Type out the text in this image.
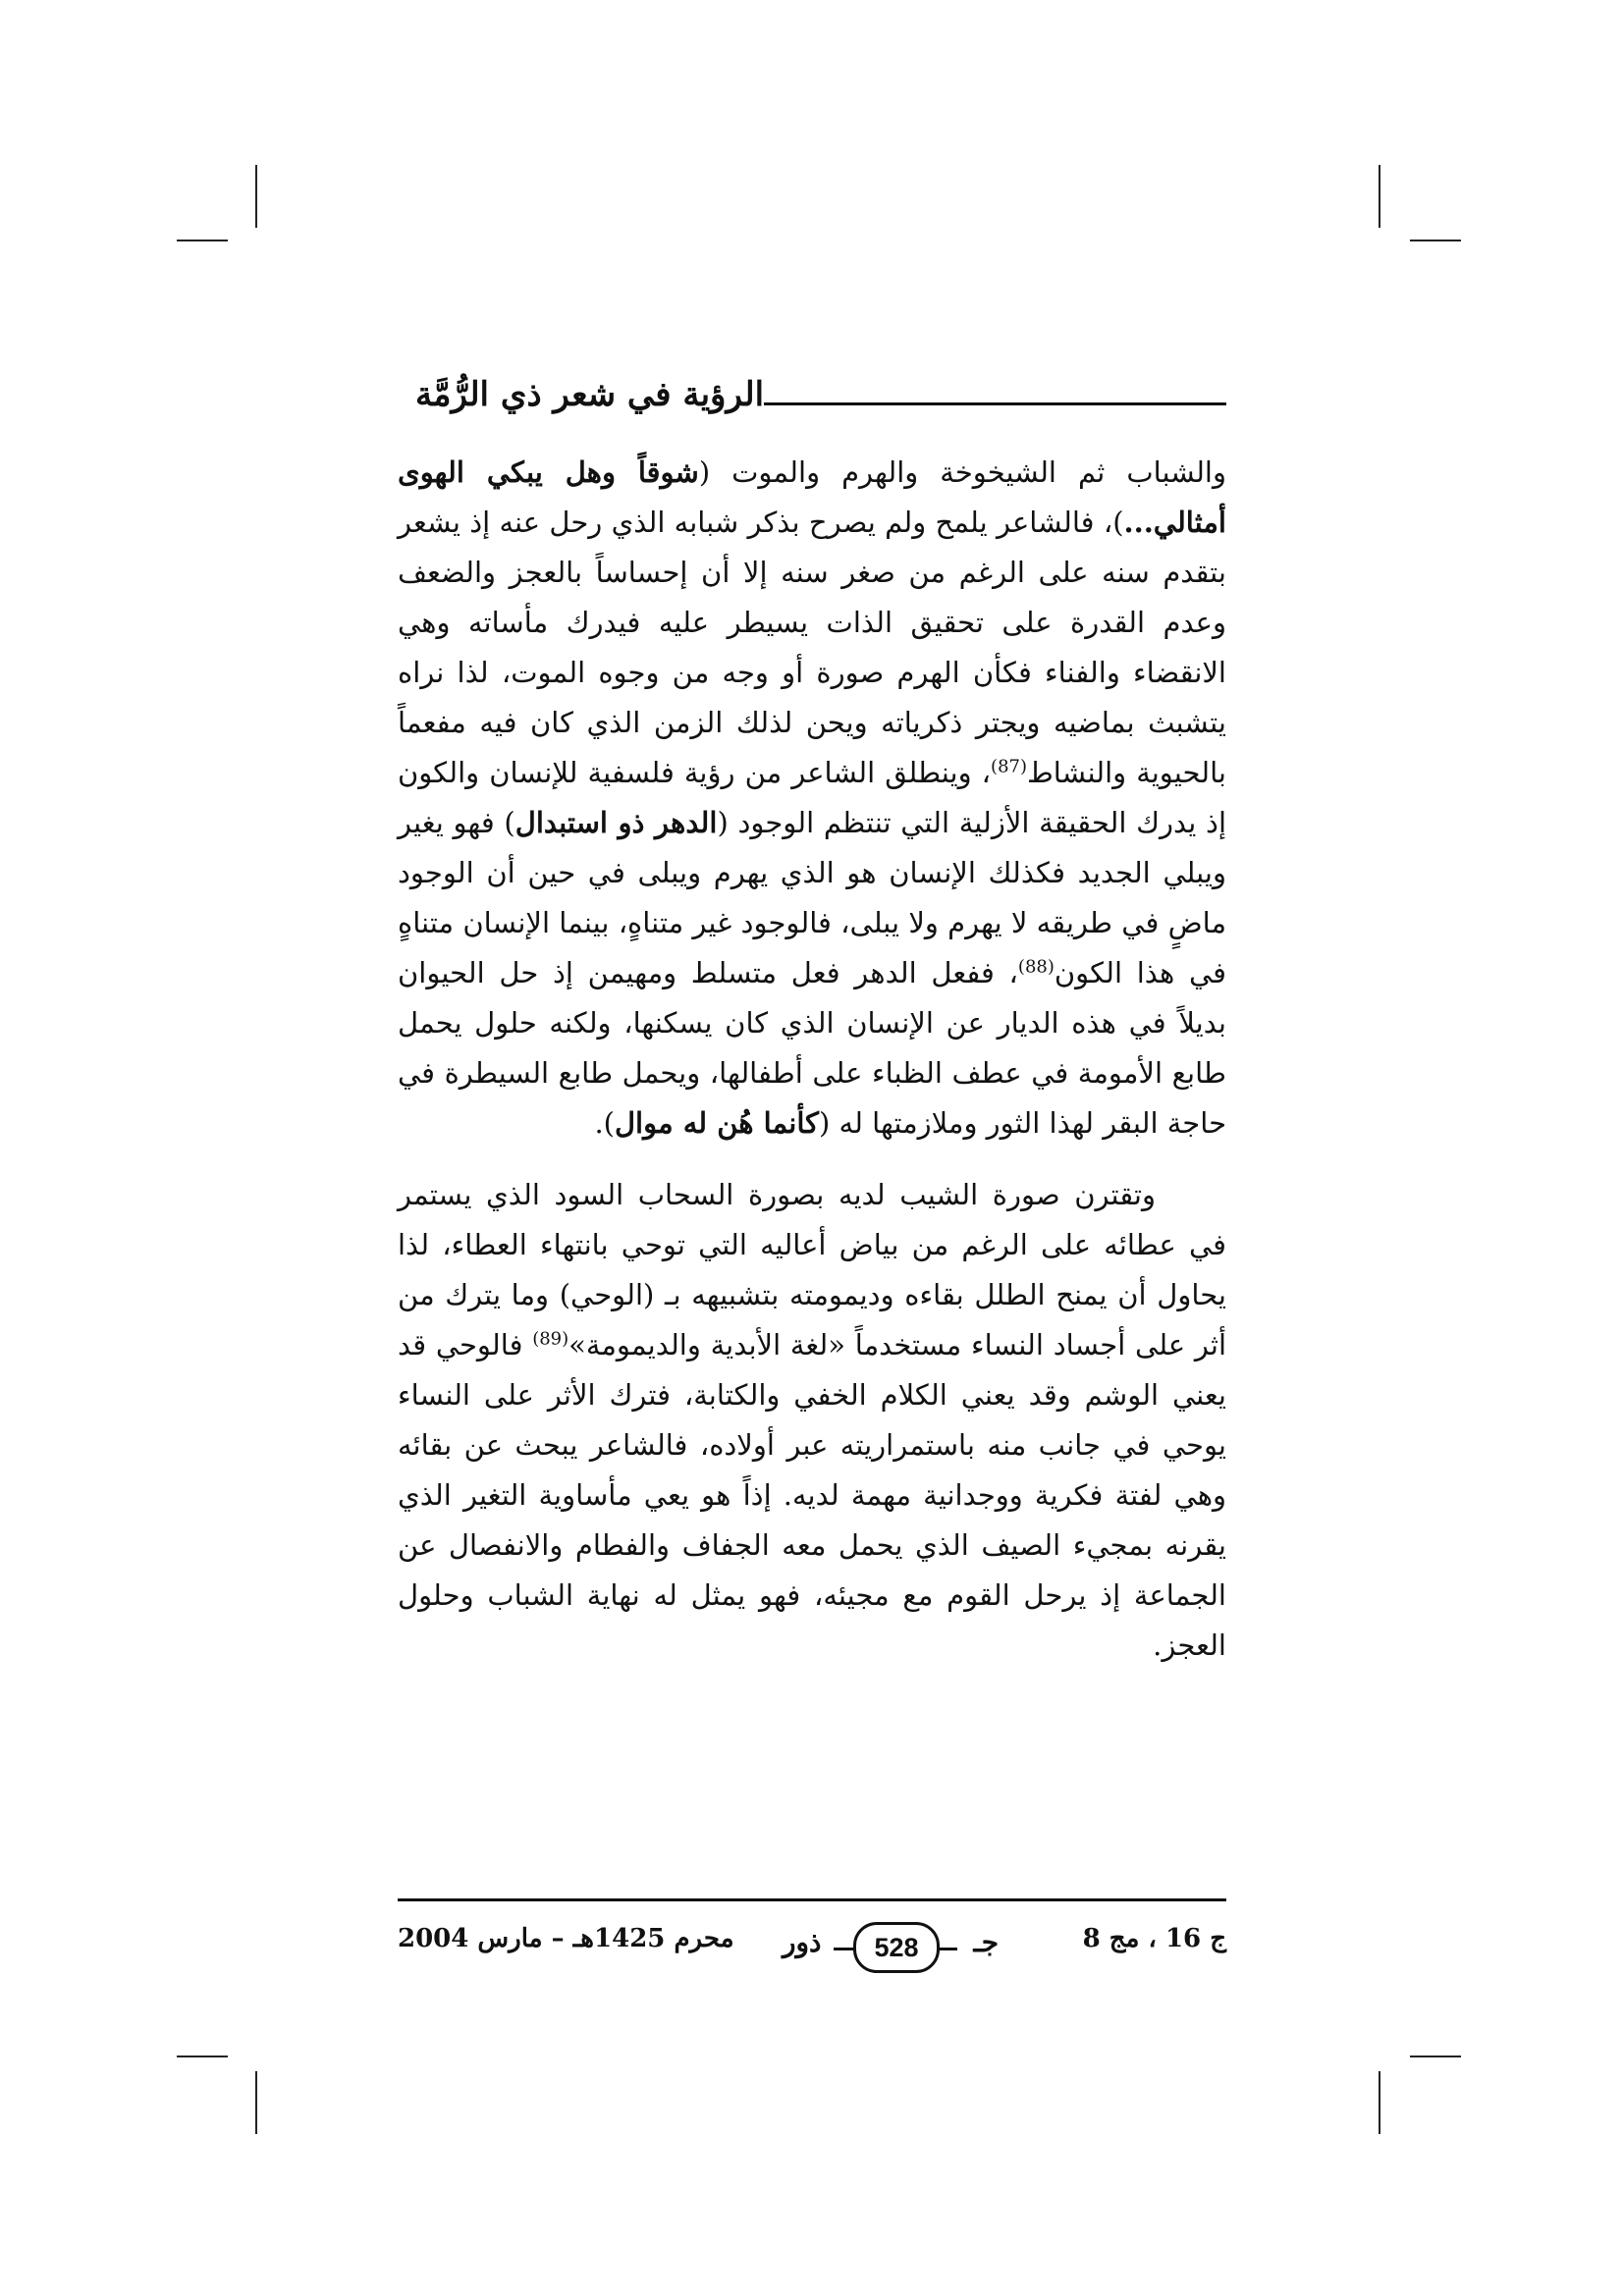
الرؤية في شعر ذي الرُّمَّة

والشباب ثم الشيخوخة والهرم والموت (شوقاً وهل يبكي الهوى أمثالي...)، فالشاعر يلمح ولم يصرح بذكر شبابه الذي رحل عنه إذ يشعر بتقدم سنه على الرغم من صغر سنه إلا أن إحساساً بالعجز والضعف وعدم القدرة على تحقيق الذات يسيطر عليه فيدرك مأساته وهي الانقضاء والفناء فكأن الهرم صورة أو وجه من وجوه الموت، لذا نراه يتشبث بماضيه ويجتر ذكرياته ويحن لذلك الزمن الذي كان فيه مفعماً بالحيوية والنشاط$^{(87)}$، وينطلق الشاعر من رؤية فلسفية للإنسان والكون إذ يدرك الحقيقة الأزلية التي تنتظم الوجود (الدهر ذو استبدال) فهو يغير ويبلي الجديد فكذلك الإنسان هو الذي يهرم ويبلى في حين أن الوجود ماضٍ في طريقه لا يهرم ولا يبلى، فالوجود غير متناهٍ، بينما الإنسان متناهٍ في هذا الكون$^{(88)}$، ففعل الدهر فعل متسلط ومهيمن إذ حل الحيوان بديلاً في هذه الديار عن الإنسان الذي كان يسكنها، ولكنه حلول يحمل طابع الأمومة في عطف الظباء على أطفالها، ويحمل طابع السيطرة في حاجة البقر لهذا الثور وملازمتها له (كأنما هُن له موال).

وتقترن صورة الشيب لديه بصورة السحاب السود الذي يستمر في عطائه على الرغم من بياض أعاليه التي توحي بانتهاء العطاء، لذا يحاول أن يمنح الطلل بقاءه وديمومته بتشبيهه بـ (الوحي) وما يترك من أثر على أجساد النساء مستخدماً «لغة الأبدية والديمومة»$^{(89)}$ فالوحي قد يعني الوشم وقد يعني الكلام الخفي والكتابة، فترك الأثر على النساء يوحي في جانب منه باستمراريته عبر أولاده، فالشاعر يبحث عن بقائه وهي لفتة فكرية ووجدانية مهمة لديه. إذاً هو يعي مأساوية التغير الذي يقرنه بمجيء الصيف الذي يحمل معه الجفاف والفطام والانفصال عن الجماعة إذ يرحل القوم مع مجيئه، فهو يمثل له نهاية الشباب وحلول العجز.

ج 16 ، مج 8
جـ
528
ذور
محرم 1425هـ – مارس 2004
